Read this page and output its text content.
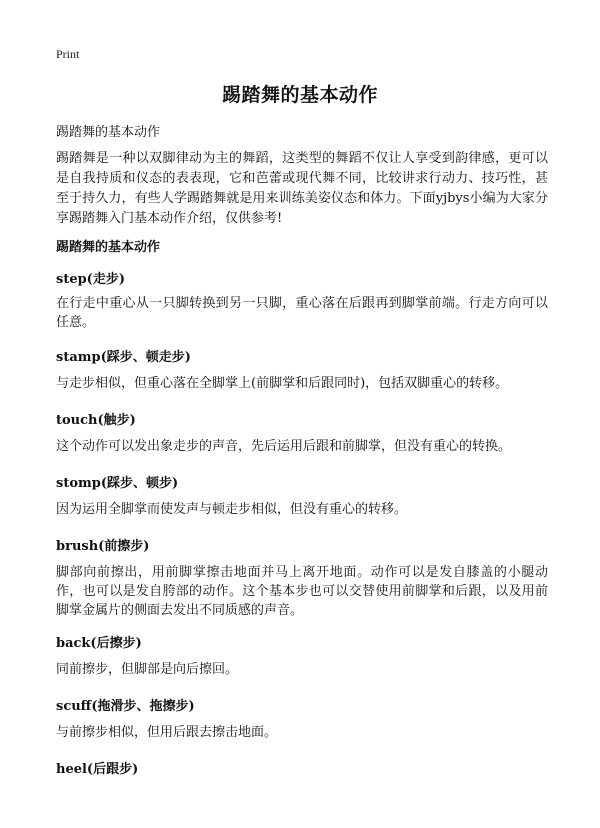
Print
踢踏舞的基本动作
踢踏舞的基本动作

踢踏舞是一种以双脚律动为主的舞蹈，这类型的舞蹈不仅让人享受到韵律感，更可以是自我持质和仪态的表表现，它和芭蕾或现代舞不同，比较讲求行动力、技巧性，甚至于持久力，有些人学踢踏舞就是用来训练美姿仪态和体力。下面yjbys小编为大家分享踢踏舞入门基本动作介绍，仅供参考!

踢踏舞的基本动作
step(走步)

在行走中重心从一只脚转换到另一只脚，重心落在后跟再到脚掌前端。行走方向可以任意。

stamp(踩步、顿走步)

与走步相似，但重心落在全脚掌上(前脚掌和后跟同时)，包括双脚重心的转移。

touch(触步)

这个动作可以发出象走步的声音，先后运用后跟和前脚掌，但没有重心的转换。

stomp(踩步、顿步)

因为运用全脚掌而使发声与顿走步相似，但没有重心的转移。

brush(前擦步)

脚部向前擦出，用前脚掌擦击地面并马上离开地面。动作可以是发自膝盖的小腿动作，也可以是发自胯部的动作。这个基本步也可以交替使用前脚掌和后跟，以及用前脚掌金属片的侧面去发出不同质感的声音。

back(后擦步)

同前擦步，但脚部是向后擦回。

scuff(拖滑步、拖擦步)

与前擦步相似，但用后跟去擦击地面。

heel(后跟步)
